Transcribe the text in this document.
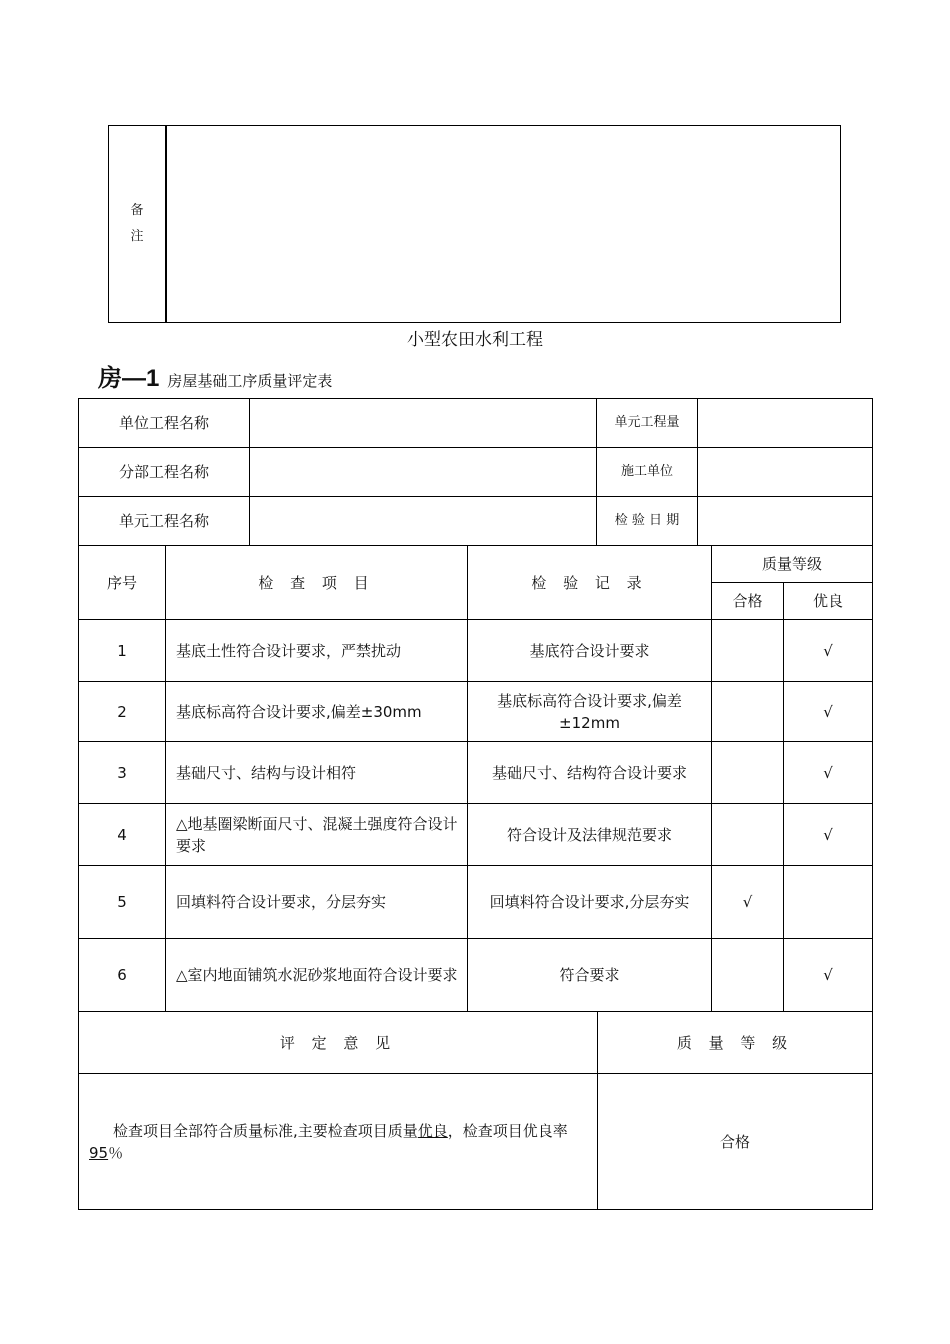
备
注
小型农田水利工程
房—1 房屋基础工序质量评定表
单位工程名称		单元工程量	
分部工程名称		施工单位	
单元工程名称		检 验 日 期	
序号	检 查 项 目	检 验 记 录	质量等级	
			合格	优良
1	基底土性符合设计要求，严禁扰动	基底符合设计要求		√
2	基底标高符合设计要求,偏差±30mm	基底标高符合设计要求,偏差±12mm		√
3	基础尺寸、结构与设计相符	基础尺寸、结构符合设计要求		√
4	△地基圈梁断面尺寸、混凝土强度符合设计要求	符合设计及法律规范要求		√
5	回填料符合设计要求，分层夯实	回填料符合设计要求,分层夯实	√	
6	△室内地面铺筑水泥砂浆地面符合设计要求	符合要求		√
评 定 意 见	质 量 等 级
检查项目全部符合质量标准,主要检查项目质量优良，检查项目优良率95％	合格
